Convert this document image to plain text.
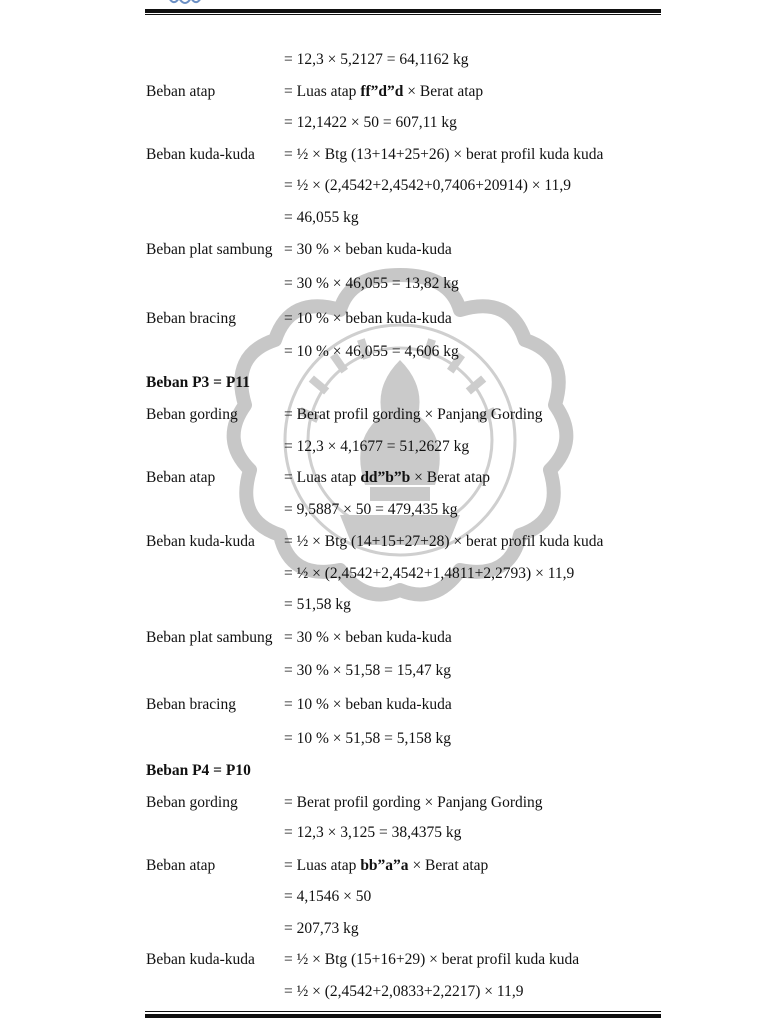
= 12,3 × 5,2127 = 64,1162 kg
Beban atap	= Luas atap ff”d”d × Berat atap
= 12,1422 × 50 = 607,11 kg
Beban kuda-kuda = ½ × Btg (13+14+25+26) × berat profil kuda kuda
= ½ × (2,4542+2,4542+0,7406+20914) × 11,9
= 46,055 kg
Beban plat sambung = 30 % × beban kuda-kuda
= 30 % × 46,055 = 13,82 kg
Beban bracing	= 10 % × beban kuda-kuda
= 10 % × 46,055 = 4,606 kg
Beban P3 = P11
Beban gording	= Berat profil gording × Panjang Gording
= 12,3 × 4,1677 = 51,2627 kg
Beban atap	= Luas atap dd”b”b × Berat atap
= 9,5887 × 50 = 479,435 kg
Beban kuda-kuda = ½ × Btg (14+15+27+28) × berat profil kuda kuda
= ½ × (2,4542+2,4542+1,4811+2,2793) × 11,9
= 51,58 kg
Beban plat sambung = 30 % × beban kuda-kuda
= 30 % × 51,58 = 15,47 kg
Beban bracing	= 10 % × beban kuda-kuda
= 10 % × 51,58 = 5,158 kg
Beban P4 = P10
Beban gording	= Berat profil gording × Panjang Gording
= 12,3 × 3,125 = 38,4375 kg
Beban atap	= Luas atap bb”a”a × Berat atap
= 4,1546 × 50
= 207,73 kg
Beban kuda-kuda = ½ × Btg (15+16+29) × berat profil kuda kuda
= ½ × (2,4542+2,0833+2,2217) × 11,9
